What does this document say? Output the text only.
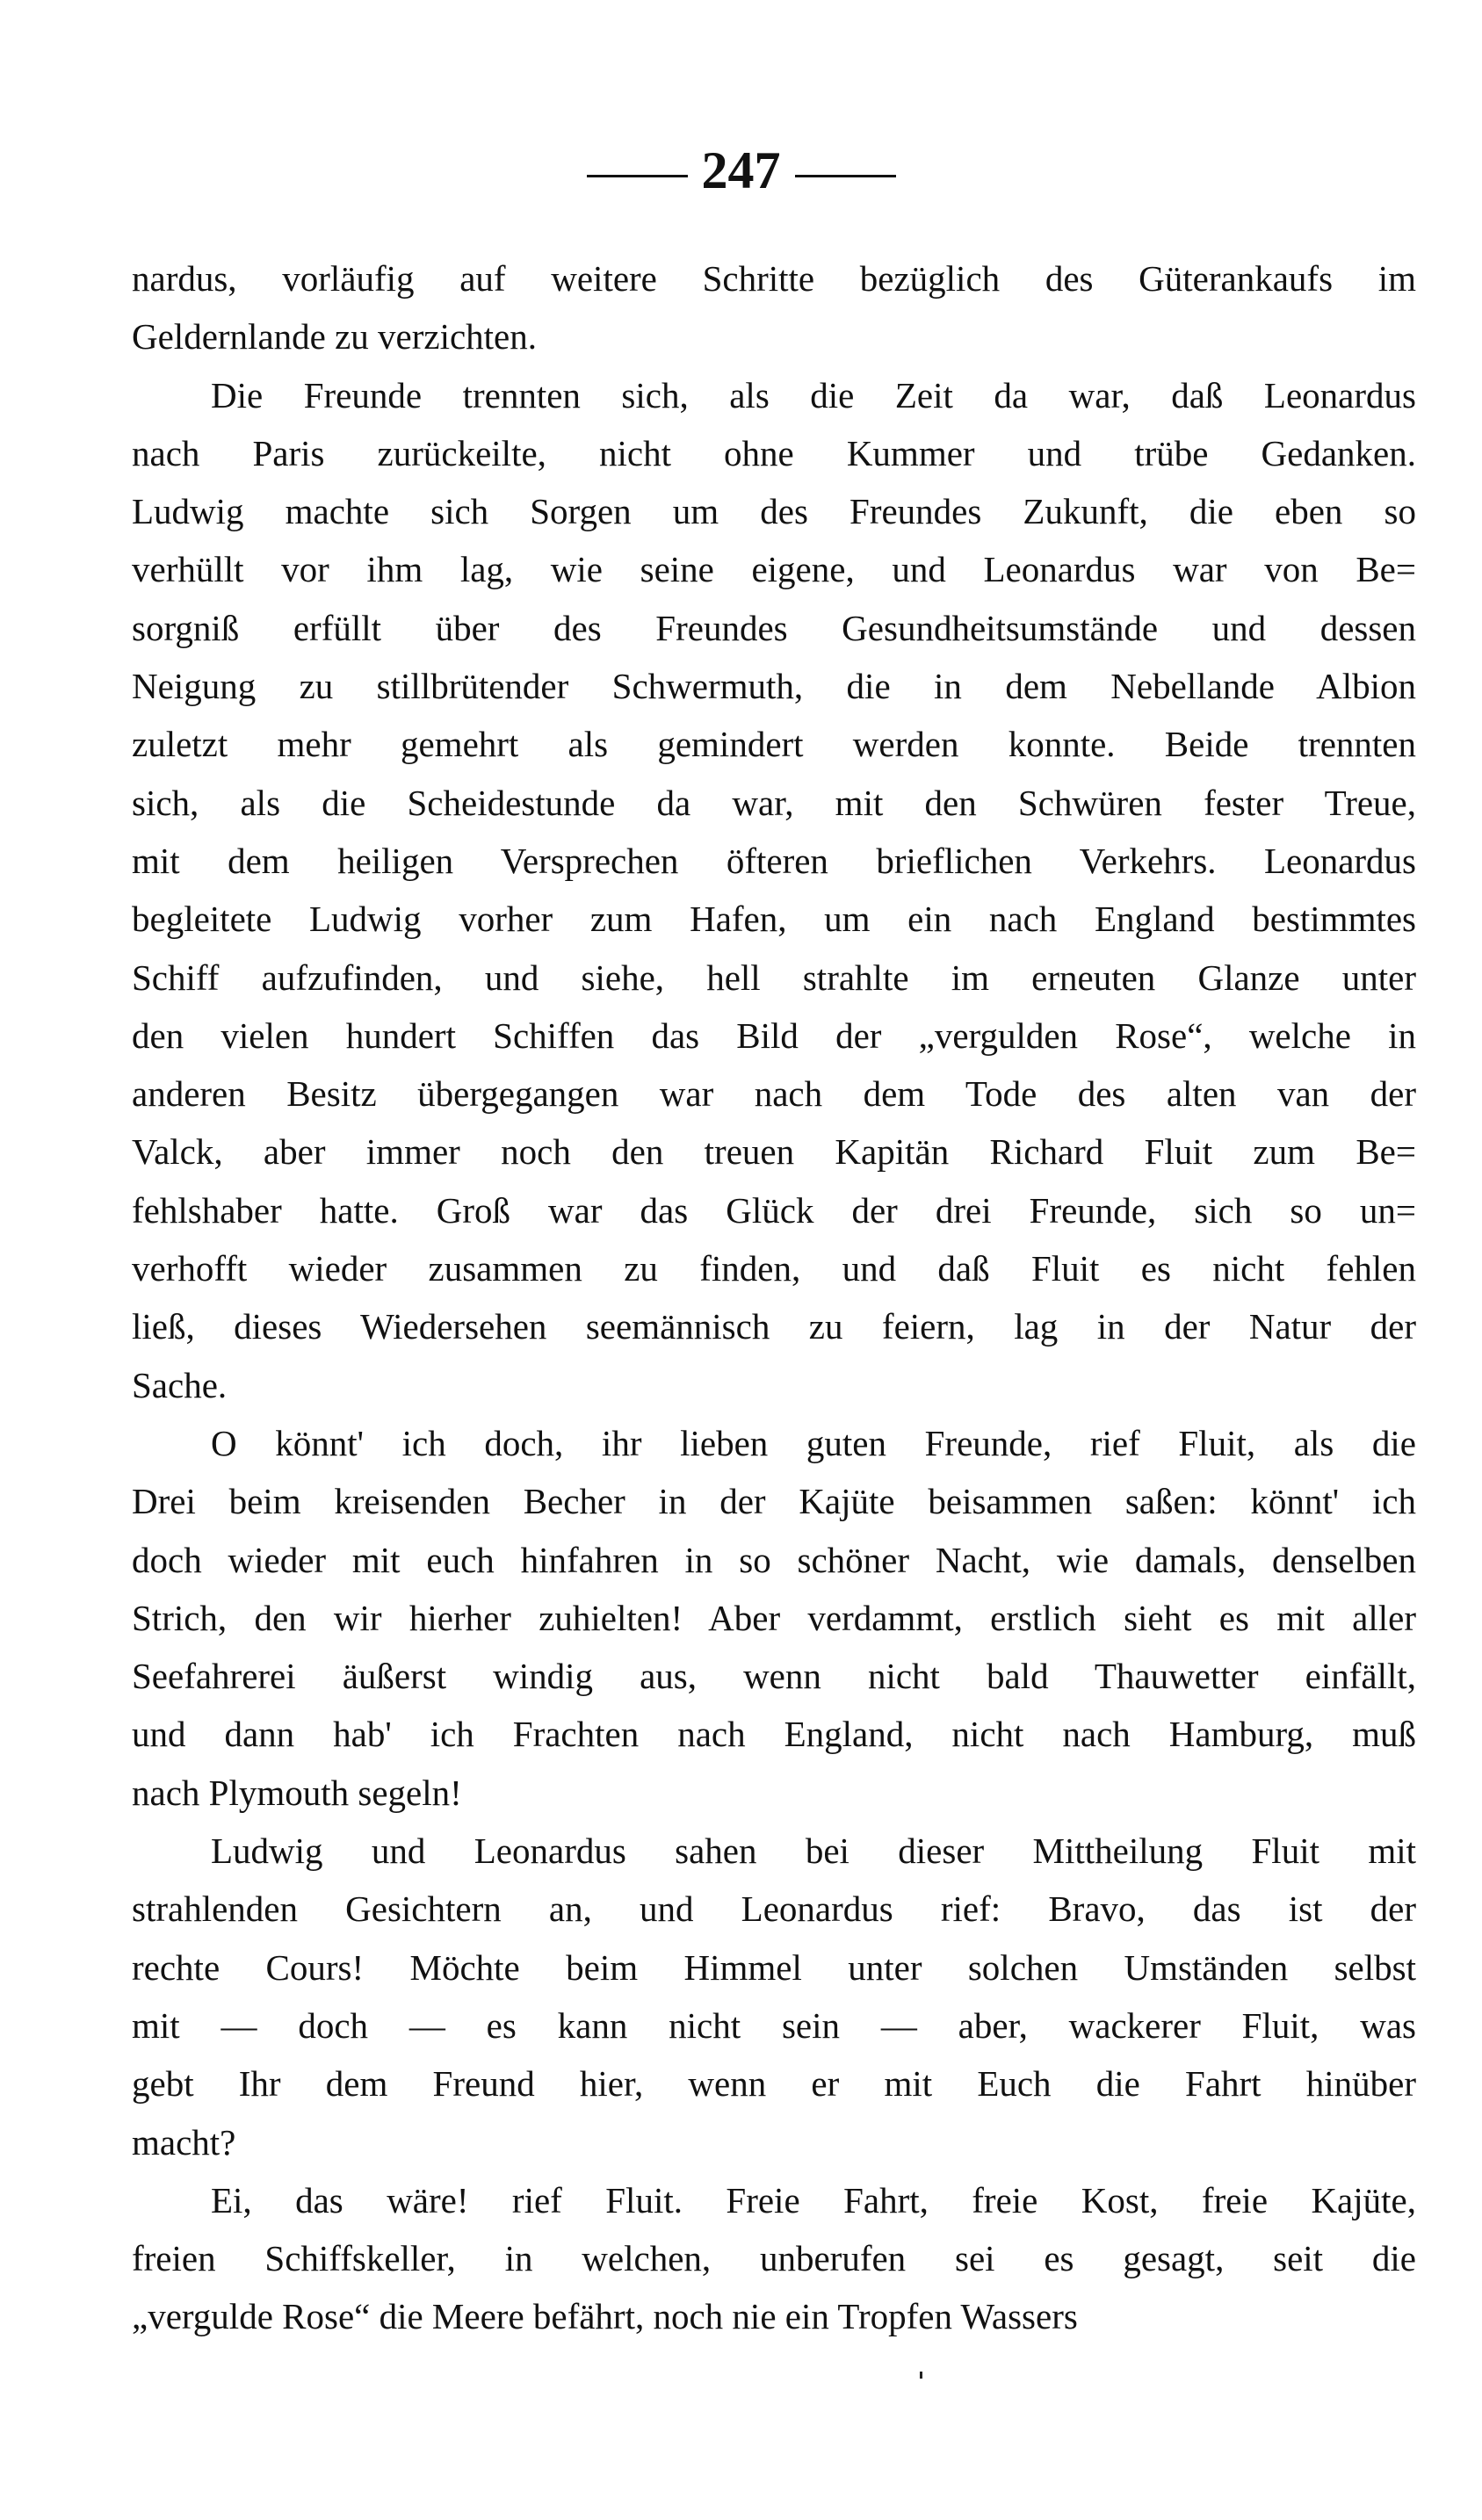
247
nardus, vorläufig auf weitere Schritte bezüglich des Güterankaufs im
Geldernlande zu verzichten.
Die Freunde trennten sich, als die Zeit da war, daß Leonardus
nach Paris zurückeilte, nicht ohne Kummer und trübe Gedanken.
Ludwig machte sich Sorgen um des Freundes Zukunft, die eben so
verhüllt vor ihm lag, wie seine eigene, und Leonardus war von Be=
sorgniß erfüllt über des Freundes Gesundheitsumstände und dessen
Neigung zu stillbrütender Schwermuth, die in dem Nebellande Albion
zuletzt mehr gemehrt als gemindert werden konnte. Beide trennten
sich, als die Scheidestunde da war, mit den Schwüren fester Treue,
mit dem heiligen Versprechen öfteren brieflichen Verkehrs. Leonardus
begleitete Ludwig vorher zum Hafen, um ein nach England bestimmtes
Schiff aufzufinden, und siehe, hell strahlte im erneuten Glanze unter
den vielen hundert Schiffen das Bild der „vergulden Rose“, welche in
anderen Besitz übergegangen war nach dem Tode des alten van der
Valck, aber immer noch den treuen Kapitän Richard Fluit zum Be=
fehlshaber hatte. Groß war das Glück der drei Freunde, sich so un=
verhofft wieder zusammen zu finden, und daß Fluit es nicht fehlen
ließ, dieses Wiedersehen seemännisch zu feiern, lag in der Natur der
Sache.
O könnt' ich doch, ihr lieben guten Freunde, rief Fluit, als die
Drei beim kreisenden Becher in der Kajüte beisammen saßen: könnt' ich
doch wieder mit euch hinfahren in so schöner Nacht, wie damals, denselben
Strich, den wir hierher zuhielten! Aber verdammt, erstlich sieht es mit aller
Seefahrerei äußerst windig aus, wenn nicht bald Thauwetter einfällt,
und dann hab' ich Frachten nach England, nicht nach Hamburg, muß
nach Plymouth segeln!
Ludwig und Leonardus sahen bei dieser Mittheilung Fluit mit
strahlenden Gesichtern an, und Leonardus rief: Bravo, das ist der
rechte Cours! Möchte beim Himmel unter solchen Umständen selbst
mit — doch — es kann nicht sein — aber, wackerer Fluit, was
gebt Ihr dem Freund hier, wenn er mit Euch die Fahrt hinüber
macht?
Ei, das wäre! rief Fluit. Freie Fahrt, freie Kost, freie Kajüte,
freien Schiffskeller, in welchen, unberufen sei es gesagt, seit die
„vergulde Rose“ die Meere befährt, noch nie ein Tropfen Wassers
